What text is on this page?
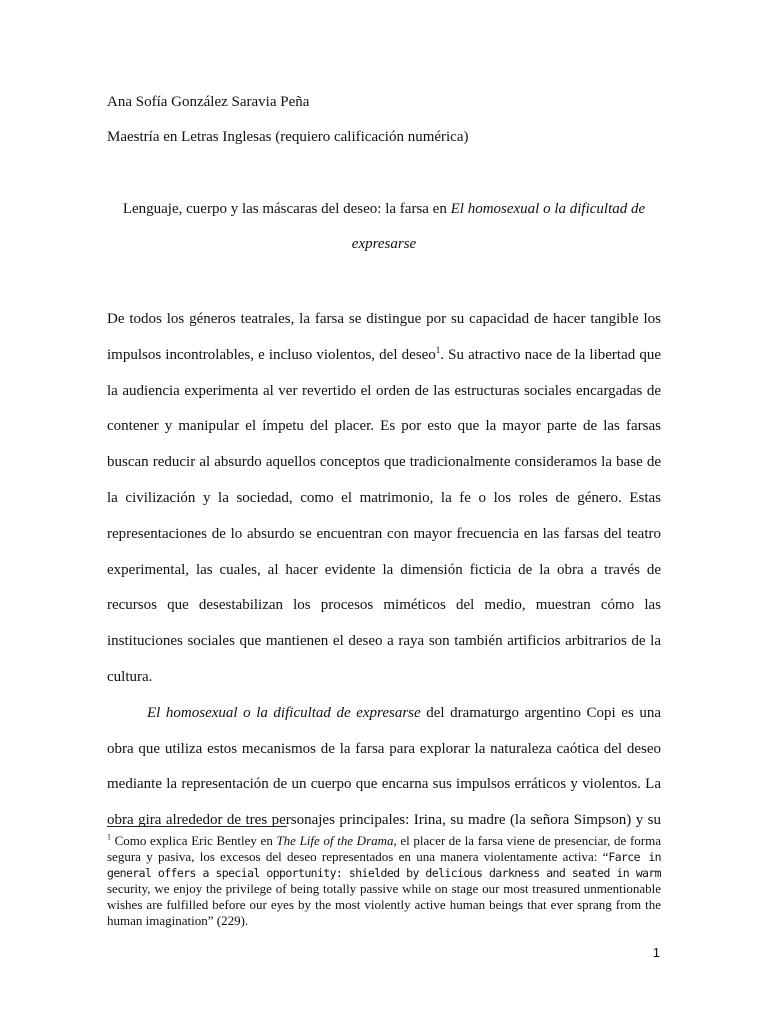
Ana Sofía González Saravia Peña
Maestría en Letras Inglesas (requiero calificación numérica)
Lenguaje, cuerpo y las máscaras del deseo: la farsa en El homosexual o la dificultad de
expresarse

De todos los géneros teatrales, la farsa se distingue por su capacidad de hacer tangible los impulsos incontrolables, e incluso violentos, del deseo$^1$. Su atractivo nace de la libertad que la audiencia experimenta al ver revertido el orden de las estructuras sociales encargadas de contener y manipular el ímpetu del placer. Es por esto que la mayor parte de las farsas buscan reducir al absurdo aquellos conceptos que tradicionalmente consideramos la base de la civilización y la sociedad, como el matrimonio, la fe o los roles de género. Estas representaciones de lo absurdo se encuentran con mayor frecuencia en las farsas del teatro experimental, las cuales, al hacer evidente la dimensión ficticia de la obra a través de recursos que desestabilizan los procesos miméticos del medio, muestran cómo las instituciones sociales que mantienen el deseo a raya son también artificios arbitrarios de la cultura.

El homosexual o la dificultad de expresarse del dramaturgo argentino Copi es una obra que utiliza estos mecanismos de la farsa para explorar la naturaleza caótica del deseo mediante la representación de un cuerpo que encarna sus impulsos erráticos y violentos. La obra gira alrededor de tres personajes principales: Irina, su madre (la señora Simpson) y su

$^1$ Como explica Eric Bentley en The Life of the Drama, el placer de la farsa viene de presenciar, de forma segura y pasiva, los excesos del deseo representados en una manera violentamente activa: “Farce in general offers a special opportunity: shielded by delicious darkness and seated in warm security, we enjoy the privilege of being totally passive while on stage our most treasured unmentionable wishes are fulfilled before our eyes by the most violently active human beings that ever sprang from the human imagination” (229).
1
